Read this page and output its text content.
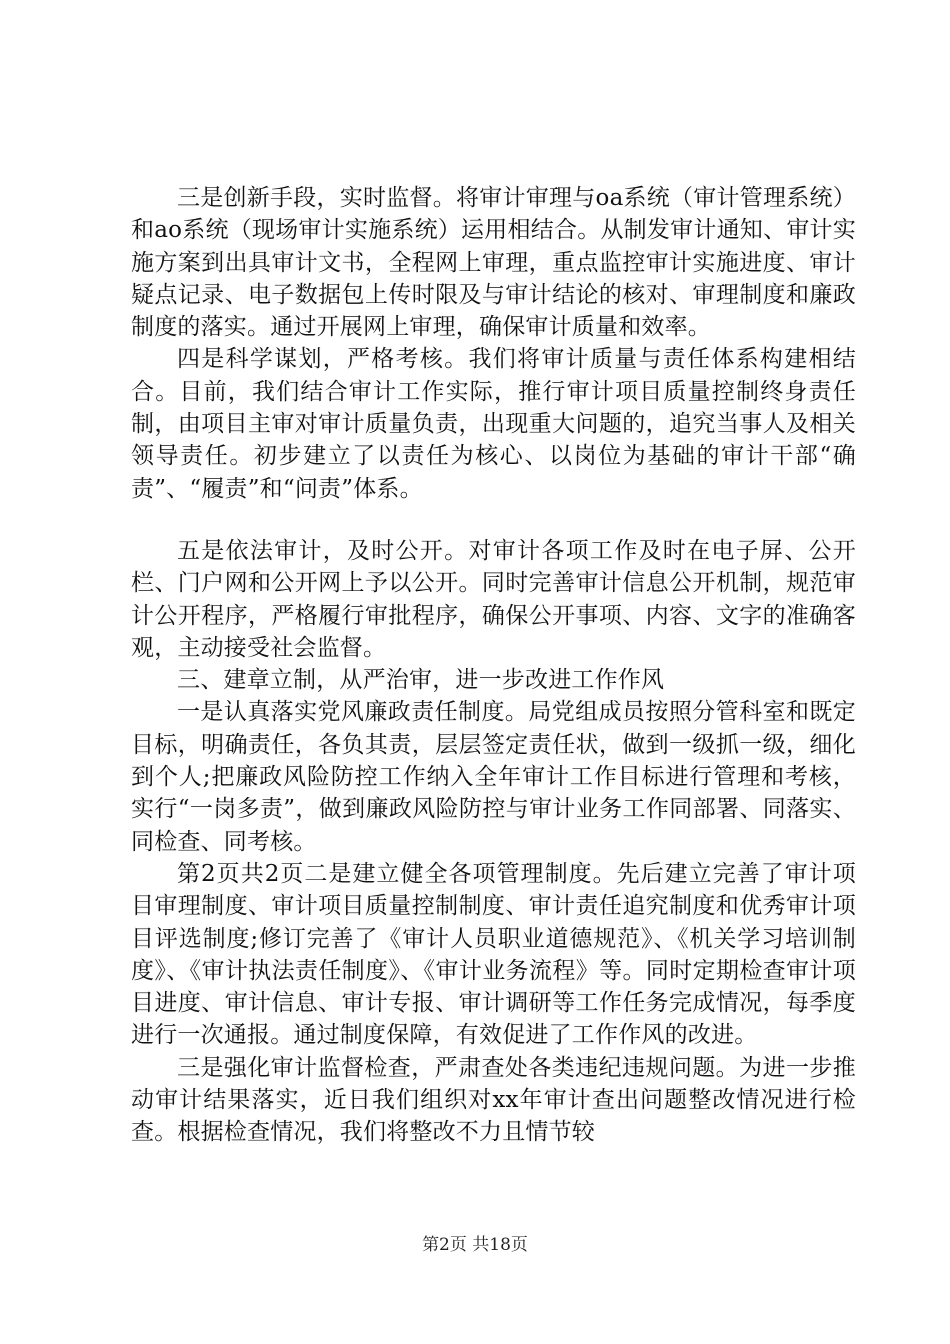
三是创新手段，实时监督。将审计审理与oa系统（审计管理系统）和ao系统（现场审计实施系统）运用相结合。从制发审计通知、审计实施方案到出具审计文书，全程网上审理，重点监控审计实施进度、审计疑点记录、电子数据包上传时限及与审计结论的核对、审理制度和廉政制度的落实。通过开展网上审理，确保审计质量和效率。

四是科学谋划，严格考核。我们将审计质量与责任体系构建相结合。目前，我们结合审计工作实际，推行审计项目质量控制终身责任制，由项目主审对审计质量负责，出现重大问题的，追究当事人及相关领导责任。初步建立了以责任为核心、以岗位为基础的审计干部“确责”、“履责”和“问责”体系。

五是依法审计，及时公开。对审计各项工作及时在电子屏、公开栏、门户网和公开网上予以公开。同时完善审计信息公开机制，规范审计公开程序，严格履行审批程序，确保公开事项、内容、文字的准确客观，主动接受社会监督。

三、建章立制，从严治审，进一步改进工作作风

一是认真落实党风廉政责任制度。局党组成员按照分管科室和既定目标，明确责任，各负其责，层层签定责任状，做到一级抓一级，细化到个人;把廉政风险防控工作纳入全年审计工作目标进行管理和考核，实行“一岗多责”，做到廉政风险防控与审计业务工作同部署、同落实、同检查、同考核。

第2页共2页二是建立健全各项管理制度。先后建立完善了审计项目审理制度、审计项目质量控制制度、审计责任追究制度和优秀审计项目评选制度;修订完善了《审计人员职业道德规范》、《机关学习培训制度》、《审计执法责任制度》、《审计业务流程》等。同时定期检查审计项目进度、审计信息、审计专报、审计调研等工作任务完成情况，每季度进行一次通报。通过制度保障，有效促进了工作作风的改进。

三是强化审计监督检查，严肃查处各类违纪违规问题。为进一步推动审计结果落实，近日我们组织对xx年审计查出问题整改情况进行检查。根据检查情况，我们将整改不力且情节较

第2页 共18页
